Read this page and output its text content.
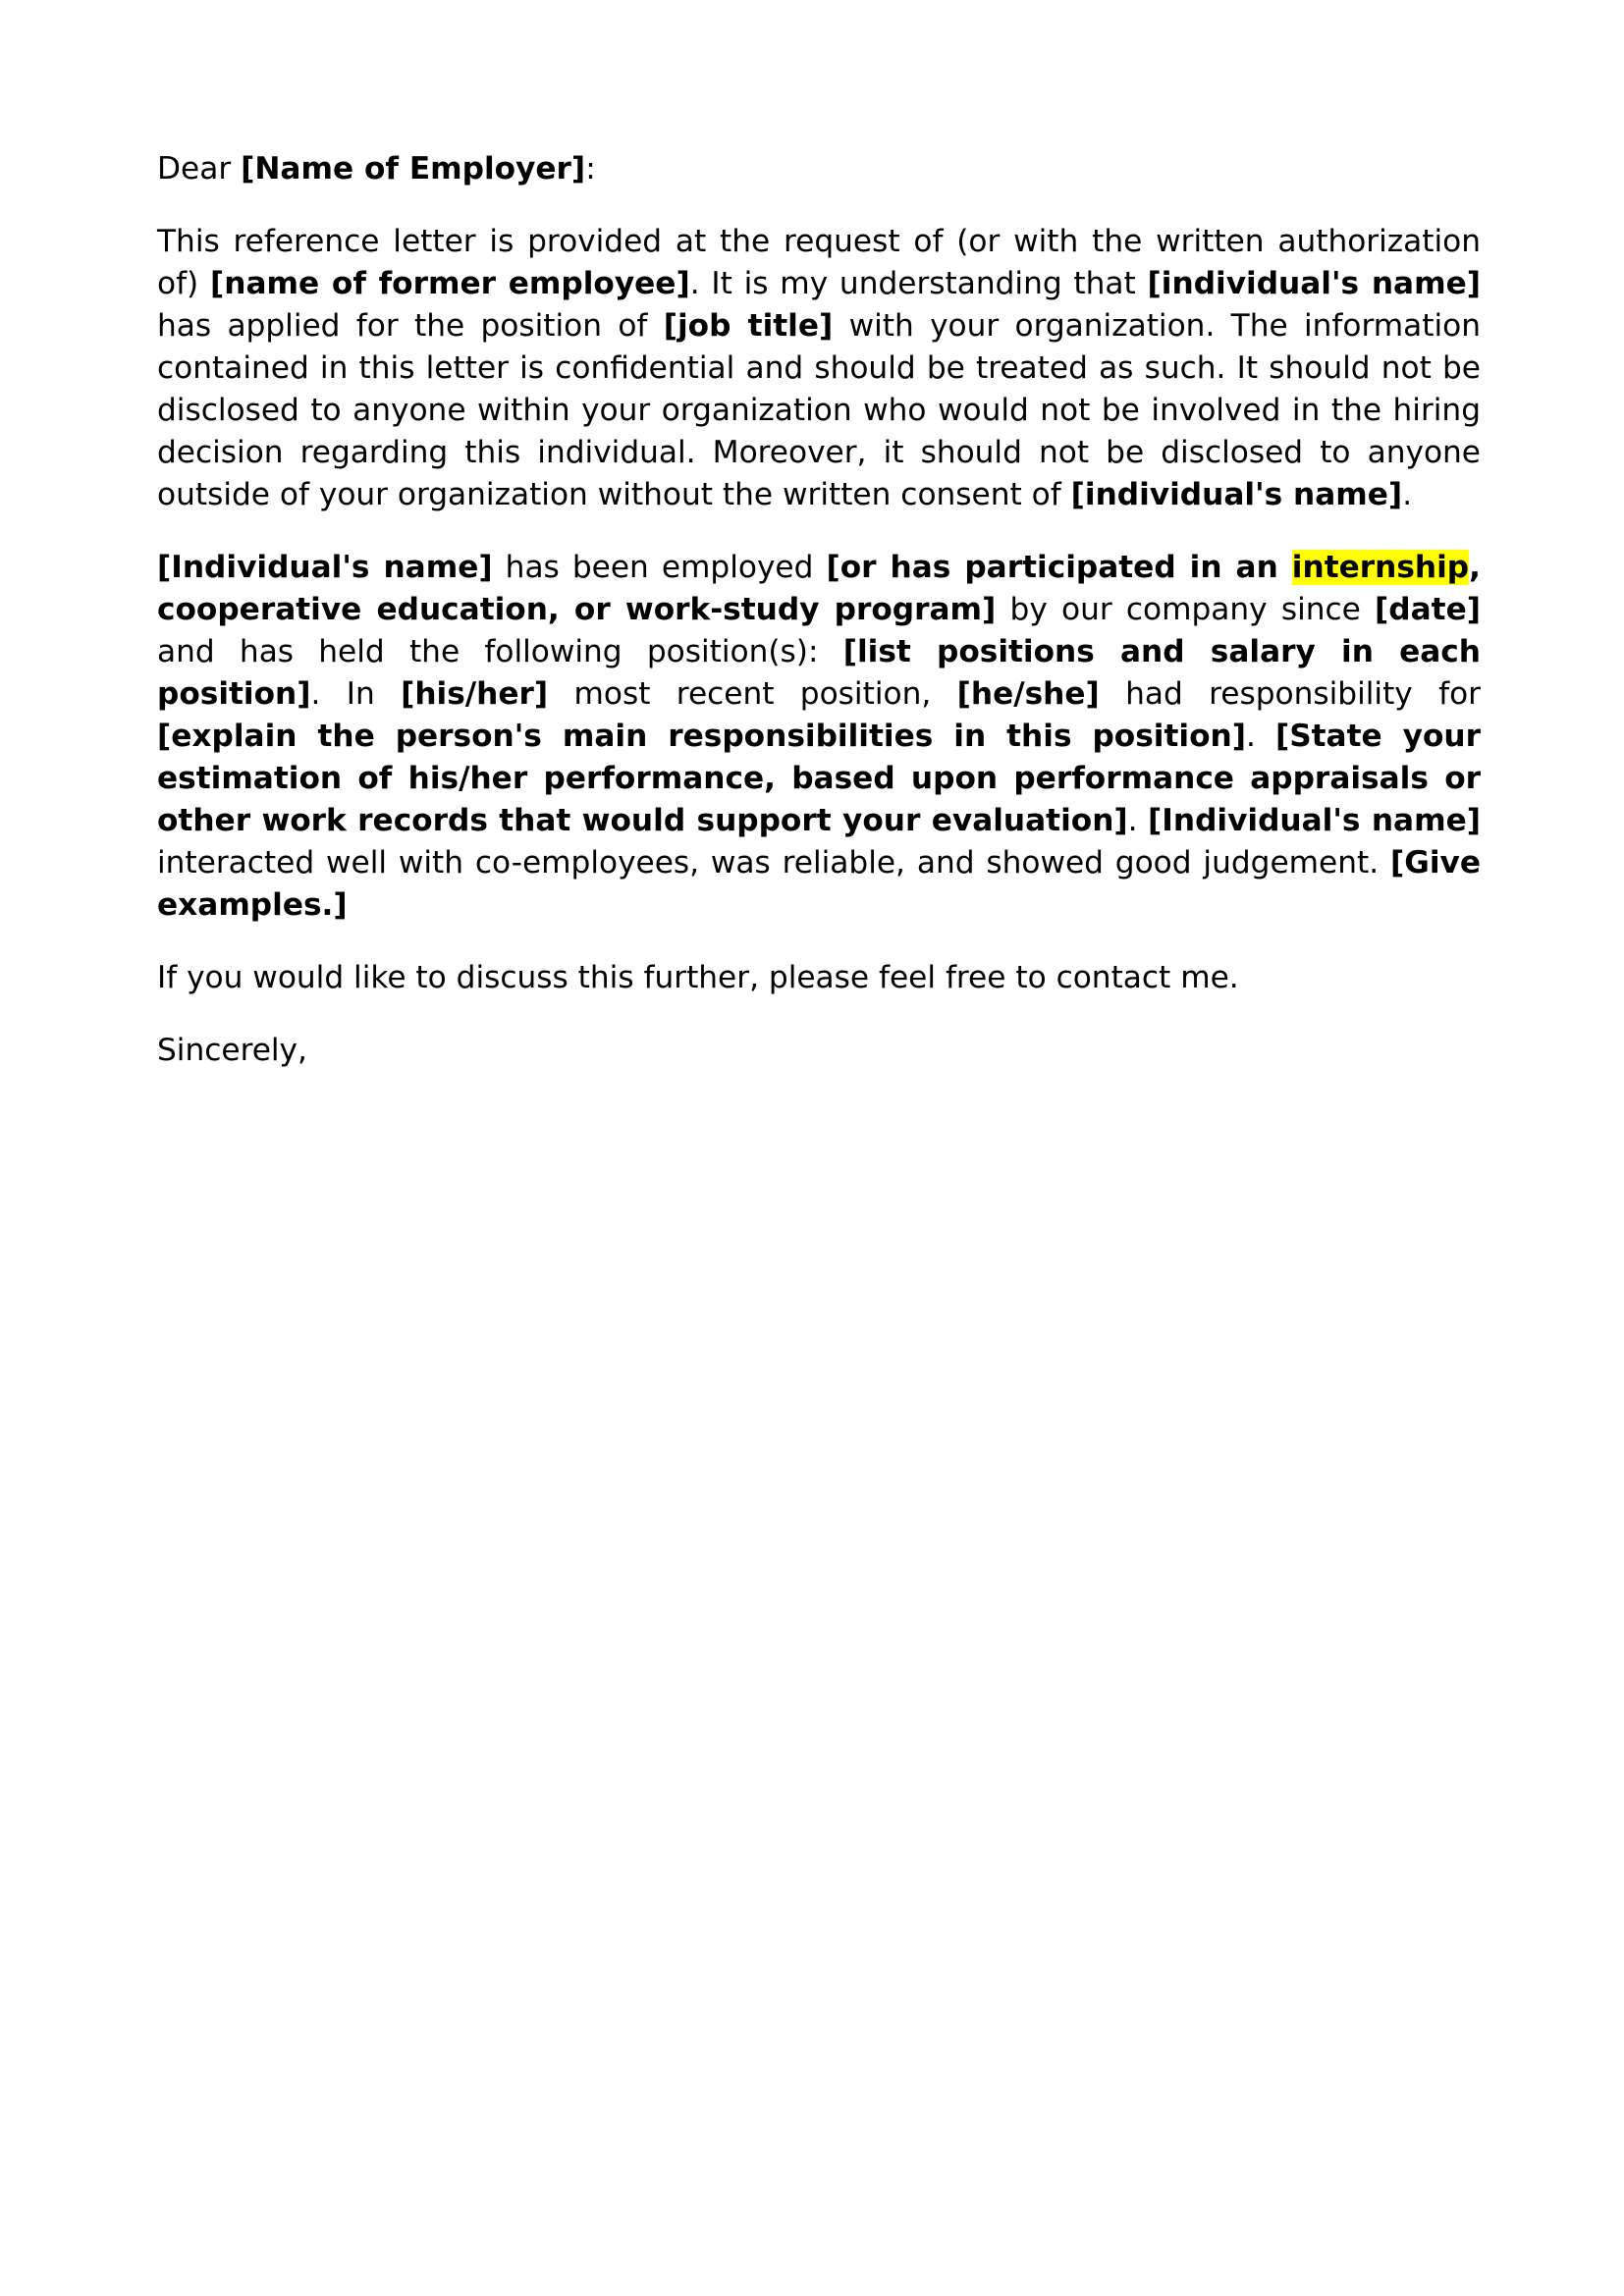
Dear [Name of Employer]:

This reference letter is provided at the request of (or with the written authorization of) [name of former employee]. It is my understanding that [individual's name] has applied for the position of [job title] with your organization. The information contained in this letter is confidential and should be treated as such. It should not be disclosed to anyone within your organization who would not be involved in the hiring decision regarding this individual. Moreover, it should not be disclosed to anyone outside of your organization without the written consent of [individual's name].

[Individual's name] has been employed [or has participated in an internship, cooperative education, or work-study program] by our company since [date] and has held the following position(s): [list positions and salary in each position]. In [his/her] most recent position, [he/she] had responsibility for [explain the person's main responsibilities in this position]. [State your estimation of his/her performance, based upon performance appraisals or other work records that would support your evaluation]. [Individual's name] interacted well with co-employees, was reliable, and showed good judgement. [Give examples.]

If you would like to discuss this further, please feel free to contact me.

Sincerely,
